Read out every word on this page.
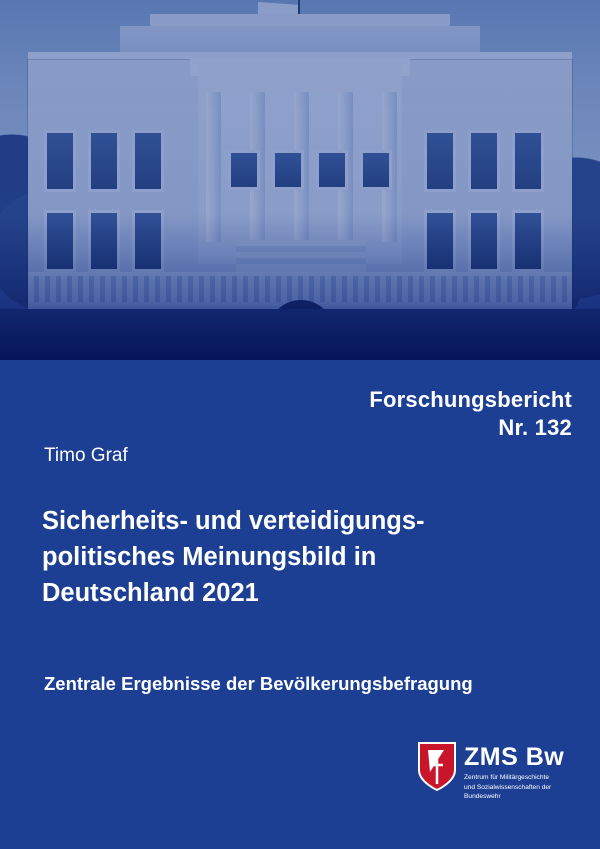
Forschungsbericht
Nr. 132
Timo Graf
Sicherheits- und verteidigungs-
politisches Meinungsbild in
Deutschland 2021
Zentrale Ergebnisse der Bevölkerungsbefragung
ZMS Bw
Zentrum für Militärgeschichte
und Sozialwissenschaften der
Bundeswehr
